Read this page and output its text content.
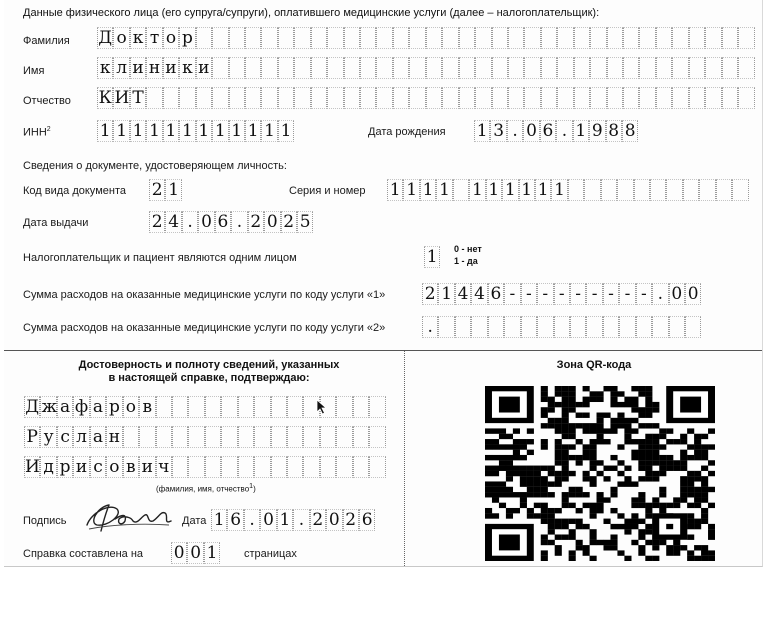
Данные физического лица (его супруга/супруги), оплатившего медицинские услуги (далее – налогоплательщик):
Фамилия Д о к т о р
Имя	к л и н и к и
Отчество К И Т
ИНН$^2$	1 1 1 1 1 1 1 1 1 1 1 1	Дата рождения 1 3 . 0 6 . 1 9 8 8
Сведения о документе, удостоверяющем личность:
Код вида документа 2 1	Серия и номер 1 1 1 1 1 1 1 1 1 1
Дата выдачи	2 4 . 0 6 . 2 0 2 5
Налогоплательщик и пациент являются одним лицом	1	0 - нет
1 - да
Сумма расходов на оказанные медицинские услуги по коду услуги «1» 2 1 4 4 6 - - - - - - - - - . 0 0
Сумма расходов на оказанные медицинские услуги по коду услуги «2»	.
Достоверность и полноту сведений, указанных
в настоящей справке, подтверждаю:
Д ж а ф а р о в
Р у с л а н
И д р и с о в и ч
(фамилия, имя, отчество1)
Подпись	Дата 1 6 . 0 1 . 2 0 2 6
Справка составлена на 0 0 1 страницах
Зона QR-кода
